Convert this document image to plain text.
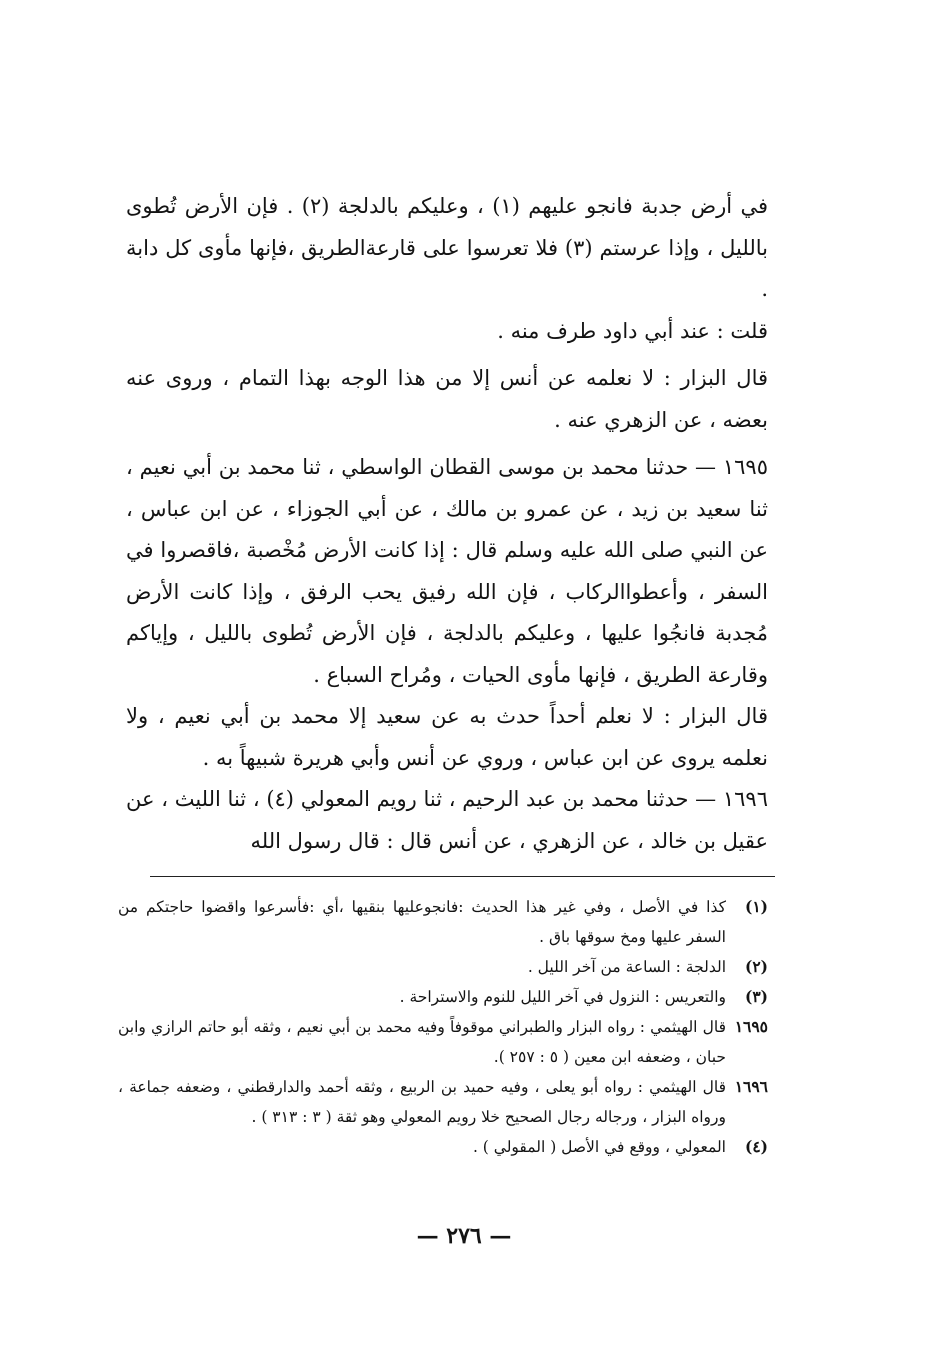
في أرض جدبة فانجو عليهم (١) ، وعليكم بالدلجة (٢) . فإن الأرض تُطوى بالليل ، وإذا عرستم (٣) فلا تعرسوا على قارعةالطريق ،فإنها مأوى كل دابة .

قلت : عند أبي داود طرف منه .

قال البزار : لا نعلمه عن أنس إلا من هذا الوجه بهذا التمام ، وروى عنه بعضه ، عن الزهري عنه .

١٦٩٥ — حدثنا محمد بن موسى القطان الواسطي ، ثنا محمد بن أبي نعيم ، ثنا سعيد بن زيد ، عن عمرو بن مالك ، عن أبي الجوزاء ، عن ابن عباس ، عن النبي صلى الله عليه وسلم قال : إذا كانت الأرض مُخْصبة ،فاقصروا في السفر ، وأعطواالركاب ، فإن الله رفيق يحب الرفق ، وإذا كانت الأرض مُجدبة فانجُوا عليها ، وعليكم بالدلجة ، فإن الأرض تُطوى بالليل ، وإياكم وقارعة الطريق ، فإنها مأوى الحيات ، ومُراح السباع .

قال البزار : لا نعلم أحداً حدث به عن سعيد إلا محمد بن أبي نعيم ، ولا نعلمه يروى عن ابن عباس ، وروي عن أنس وأبي هريرة شبيهاً به .

١٦٩٦ — حدثنا محمد بن عبد الرحيم ، ثنا رويم المعولي (٤) ، ثنا الليث ، عن عقيل بن خالد ، عن الزهري ، عن أنس قال : قال رسول الله

(١)
كذا في الأصل ، وفي غير هذا الحديث :فانجوعليها بنقيها ،أي :فأسرعوا واقضوا حاجتكم من السفر عليها ومخ سوقها باق .
(٢)
الدلجة : الساعة من آخر الليل .
(٣)
والتعريس : النزول في آخر الليل للنوم والاستراحة .
١٦٩٥
قال الهيثمي : رواه البزار والطبراني موقوفاً وفيه محمد بن أبي نعيم ، وثقه أبو حاتم الرازي وابن حبان ، وضعفه ابن معين ( ٥ : ٢٥٧ ).
١٦٩٦
قال الهيثمي : رواه أبو يعلى ، وفيه حميد بن الربيع ، وثقه أحمد والدارقطني ، وضعفه جماعة ، ورواه البزار ، ورجاله رجال الصحيح خلا رويم المعولي وهو ثقة ( ٣ : ٣١٣ ) .
(٤)
المعولي ، ووقع في الأصل ( المقولي ) .
— ٢٧٦ —
